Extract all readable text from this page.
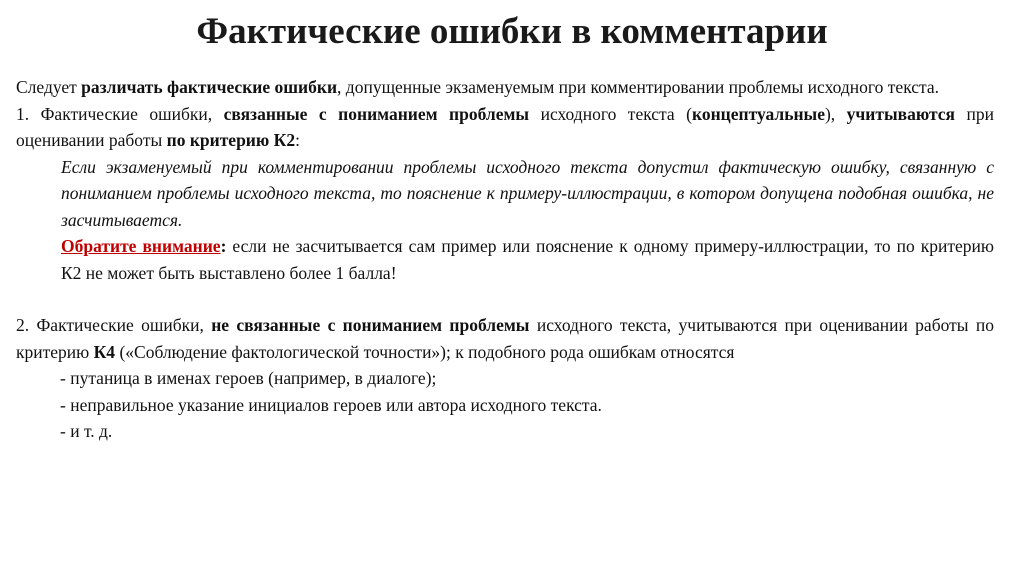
Фактические ошибки в комментарии

Следует различать фактические ошибки, допущенные экзаменуемым при комментировании проблемы исходного текста.

1. Фактические ошибки, связанные с пониманием проблемы исходного текста (концептуальные), учитываются при оценивании работы по критерию К2:

Если экзаменуемый при комментировании проблемы исходного текста допустил фактическую ошибку, связанную с пониманием проблемы исходного текста, то пояснение к примеру-иллюстрации, в котором допущена подобная ошибка, не засчитывается.

Обратите внимание: если не засчитывается сам пример или пояснение к одному примеру-иллюстрации, то по критерию К2 не может быть выставлено более 1 балла!

2. Фактические ошибки, не связанные с пониманием проблемы исходного текста, учитываются при оценивании работы по критерию К4 («Соблюдение фактологической точности»); к подобного рода ошибкам относятся

- путаница в именах героев (например, в диалоге);

- неправильное указание инициалов героев или автора исходного текста.

- и т. д.
